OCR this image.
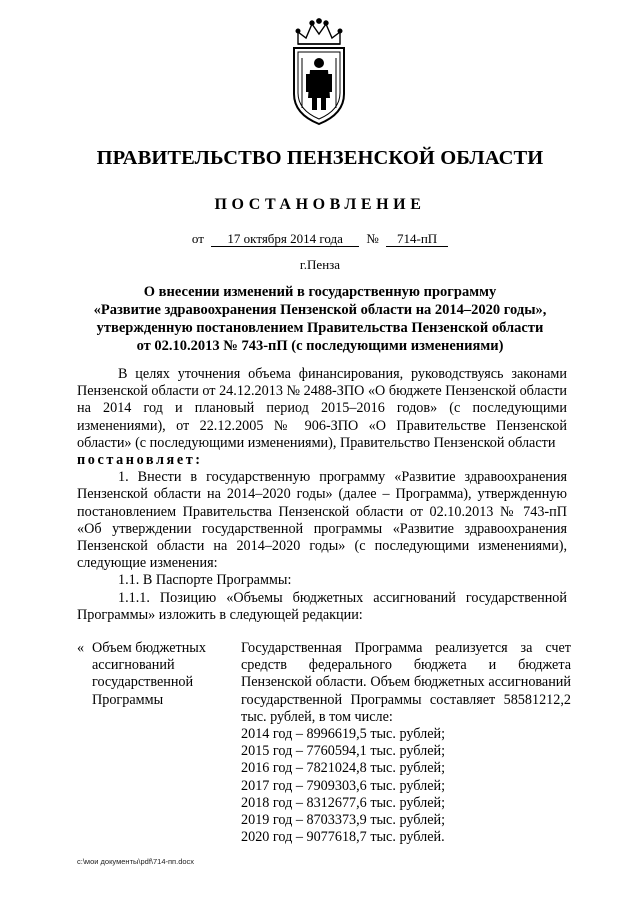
ПРАВИТЕЛЬСТВО ПЕНЗЕНСКОЙ ОБЛАСТИ
ПОСТАНОВЛЕНИЕ
от 17 октября 2014 года № 714-пП
г.Пенза
О внесении изменений в государственную программу
«Развитие здравоохранения Пензенской области на 2014–2020 годы»,
утвержденную постановлением Правительства Пензенской области
от 02.10.2013 № 743-пП (с последующими изменениями)

В целях уточнения объема финансирования, руководствуясь законами Пензенской области от 24.12.2013 № 2488-ЗПО «О бюджете Пензенской области на 2014 год и плановый период 2015–2016 годов» (с последующими изменениями), от 22.12.2005 № 906-ЗПО «О Правительстве Пензенской области» (с последующими изменениями), Правительство Пензенской области

постановляет:

1. Внести в государственную программу «Развитие здравоохранения Пензенской области на 2014–2020 годы» (далее – Программа), утвержденную постановлением Правительства Пензенской области от 02.10.2013 № 743-пП «Об утверждении государственной программы «Развитие здравоохранения Пензенской области на 2014–2020 годы» (с последующими изменениями), следующие изменения:

1.1. В Паспорте Программы:

1.1.1. Позицию «Объемы бюджетных ассигнований государственной Программы» изложить в следующей редакции:

« Объем бюджетных
ассигнований
государственной
Программы

Государственная Программа реализуется за счет средств федерального бюджета и бюджета Пензенской области. Объем бюджетных ассигнований государственной Программы составляет 58581212,2 тыс. рублей, в том числе:

2014 год – 8996619,5 тыс. рублей;
2015 год – 7760594,1 тыс. рублей;
2016 год – 7821024,8 тыс. рублей;
2017 год – 7909303,6 тыс. рублей;
2018 год – 8312677,6 тыс. рублей;
2019 год – 8703373,9 тыс. рублей;
2020 год – 9077618,7 тыс. рублей.
c:\мои документы\pdf\714-пп.docx
